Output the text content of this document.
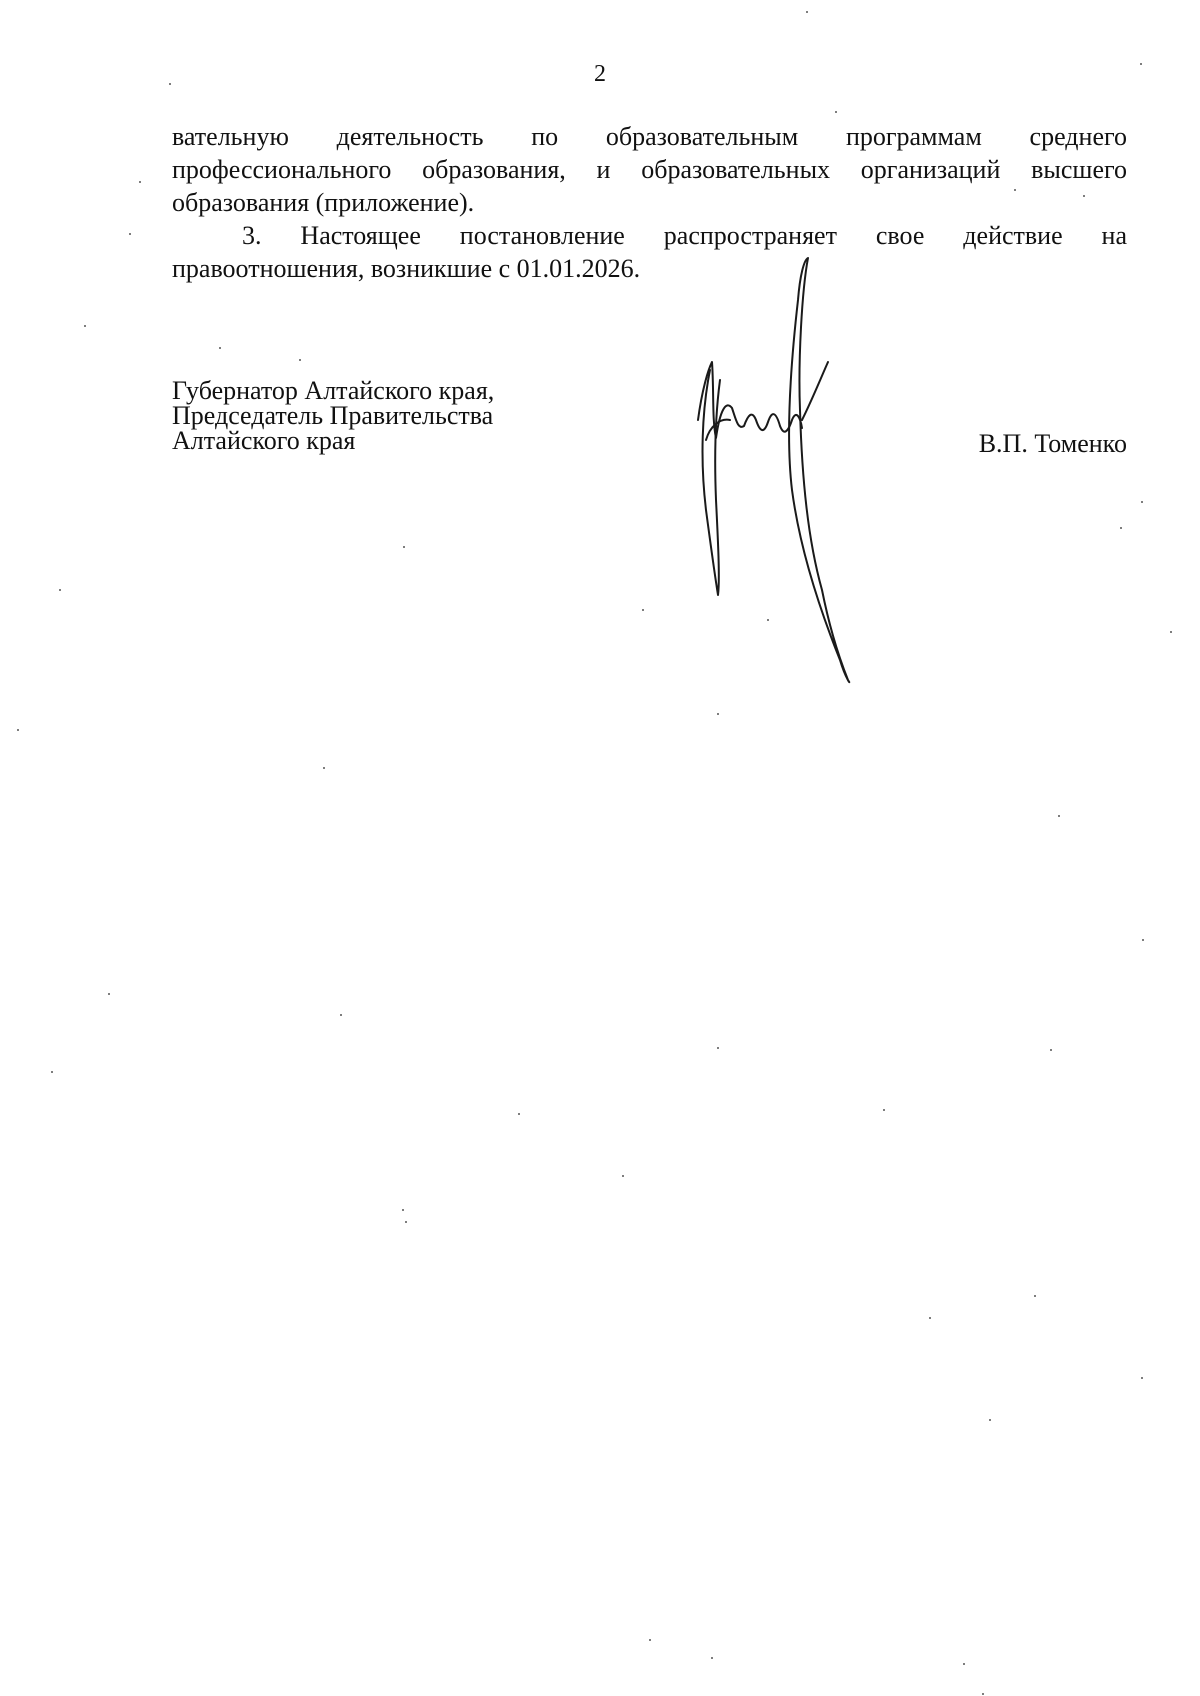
2

вательную деятельность по образовательным программам среднего профессионального образования, и образовательных организаций высшего образования (приложение).

3. Настоящее постановление распространяет свое действие на правоотношения, возникшие с 01.01.2026.

Губернатор Алтайского края,
Председатель Правительства
Алтайского края	В.П. Томенко
